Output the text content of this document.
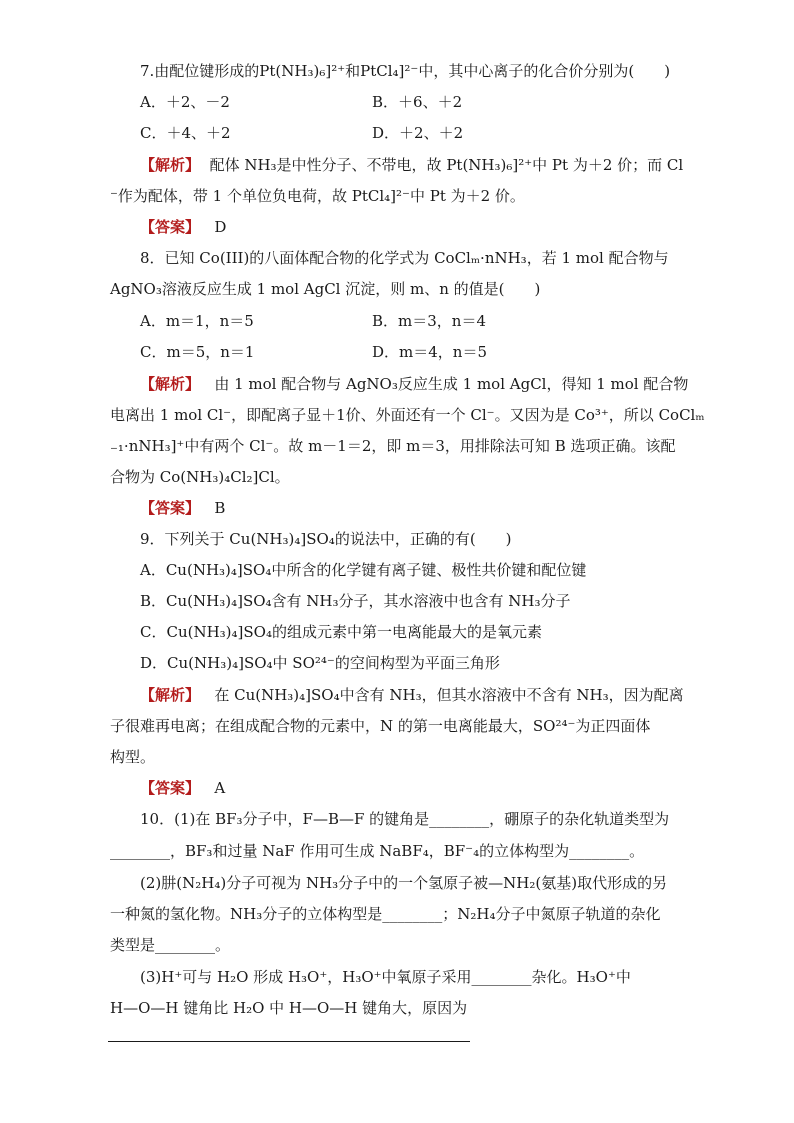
7.由配位键形成的Pt(NH₃)₆]²⁺和PtCl₄]²⁻中，其中心离子的化合价分别为(　　)
A．＋2、－2	B．＋6、＋2
C．＋4、＋2	D．＋2、＋2
【解析】 配体 NH₃是中性分子、不带电，故 Pt(NH₃)₆]²⁺中 Pt 为＋2 价；而 Cl
⁻作为配体，带 1 个单位负电荷，故 PtCl₄]²⁻中 Pt 为＋2 价。
【答案】 D
8．已知 Co(III)的八面体配合物的化学式为 CoClₘ·nNH₃，若 1 mol 配合物与
AgNO₃溶液反应生成 1 mol AgCl 沉淀，则 m、n 的值是(　　)
A．m＝1，n＝5	B．m＝3，n＝4
C．m＝5，n＝1	D．m＝4，n＝5
【解析】 由 1 mol 配合物与 AgNO₃反应生成 1 mol AgCl，得知 1 mol 配合物
电离出 1 mol Cl⁻，即配离子显＋1价、外面还有一个 Cl⁻。又因为是 Co³⁺，所以 CoClₘ
₋₁·nNH₃]⁺中有两个 Cl⁻。故 m－1＝2，即 m＝3，用排除法可知 B 选项正确。该配
合物为 Co(NH₃)₄Cl₂]Cl。
【答案】 B
9．下列关于 Cu(NH₃)₄]SO₄的说法中，正确的有(　　)
A．Cu(NH₃)₄]SO₄中所含的化学键有离子键、极性共价键和配位键
B．Cu(NH₃)₄]SO₄含有 NH₃分子，其水溶液中也含有 NH₃分子
C．Cu(NH₃)₄]SO₄的组成元素中第一电离能最大的是氧元素
D．Cu(NH₃)₄]SO₄中 SO²⁴⁻的空间构型为平面三角形
【解析】 在 Cu(NH₃)₄]SO₄中含有 NH₃，但其水溶液中不含有 NH₃，因为配离
子很难再电离；在组成配合物的元素中，N 的第一电离能最大，SO²⁴⁻为正四面体
构型。
【答案】 A
10．(1)在 BF₃分子中，F—B—F 的键角是________，硼原子的杂化轨道类型为
________，BF₃和过量 NaF 作用可生成 NaBF₄，BF⁻₄的立体构型为________。
(2)肼(N₂H₄)分子可视为 NH₃分子中的一个氢原子被—NH₂(氨基)取代形成的另
一种氮的氢化物。NH₃分子的立体构型是________；N₂H₄分子中氮原子轨道的杂化
类型是________。
(3)H⁺可与 H₂O 形成 H₃O⁺，H₃O⁺中氧原子采用________杂化。H₃O⁺中
H—O—H 键角比 H₂O 中 H—O—H 键角大，原因为
